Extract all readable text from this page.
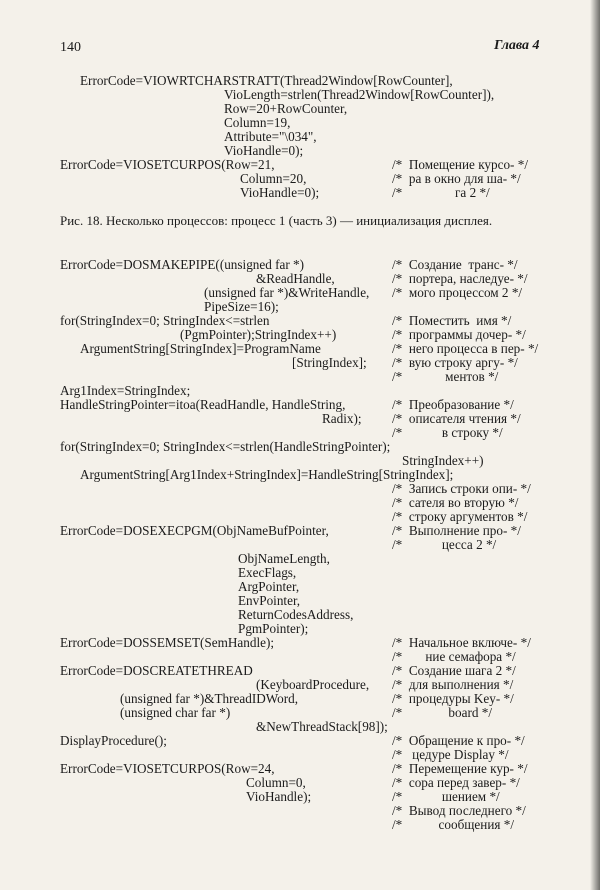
140	Глава 4
ErrorCode=VIOWRTCHARSTRATT(Thread2Window[RowCounter],
VioLength=strlen(Thread2Window[RowCounter]),
Row=20+RowCounter,
Column=19,
Attribute="\034",
VioHandle=0);
ErrorCode=VIOSETCURPOS(Row=21,
Column=20,
VioHandle=0);
/*  Помещение курсо- */
/*  ра в окно для ша- */
/*                га 2 */
Рис. 18. Несколько процессов: процесс 1 (часть 3) — инициализация дисплея.
ErrorCode=DOSMAKEPIPE((unsigned far *)
&ReadHandle,
(unsigned far *)&WriteHandle,
PipeSize=16);
for(StringIndex=0; StringIndex<=strlen
(PgmPointer);StringIndex++)
ArgumentString[StringIndex]=ProgramName
[StringIndex];
Arg1Index=StringIndex;
HandleStringPointer=itoa(ReadHandle, HandleString,
Radix);
for(StringIndex=0; StringIndex<=strlen(HandleStringPointer);
StringIndex++)
ArgumentString[Arg1Index+StringIndex]=HandleString[StringIndex];
ErrorCode=DOSEXECPGM(ObjNameBufPointer,
ObjNameLength,
ExecFlags,
ArgPointer,
EnvPointer,
ReturnCodesAddress,
PgmPointer);
ErrorCode=DOSSEMSET(SemHandle);
ErrorCode=DOSCREATETHREAD
(KeyboardProcedure,
(unsigned far *)&ThreadIDWord,
(unsigned char far *)
&NewThreadStack[98]);
DisplayProcedure();
ErrorCode=VIOSETCURPOS(Row=24,
Column=0,
VioHandle);
/*  Создание  транс- */
/*  портера, наследуе- */
/*  мого процессом 2 */
/*  Поместить  имя */
/*  программы дочер- */
/*  него процесса в пер- */
/*  вую строку аргу- */
/*             ментов */
/*  Преобразование */
/*  описателя чтения */
/*            в строку */
/*  Запись строки опи- */
/*  сателя во вторую */
/*  строку аргументов */
/*  Выполнение про- */
/*            цесса 2 */
/*  Начальное включе- */
/*       ние семафора */
/*  Создание шага 2 */
/*  для выполнения */
/*  процедуры Key- */
/*              board */
/*  Обращение к про- */
/*   цедуре Display */
/*  Перемещение кур- */
/*  сора перед завер- */
/*            шением */
/*  Вывод последнего */
/*           сообщения */
